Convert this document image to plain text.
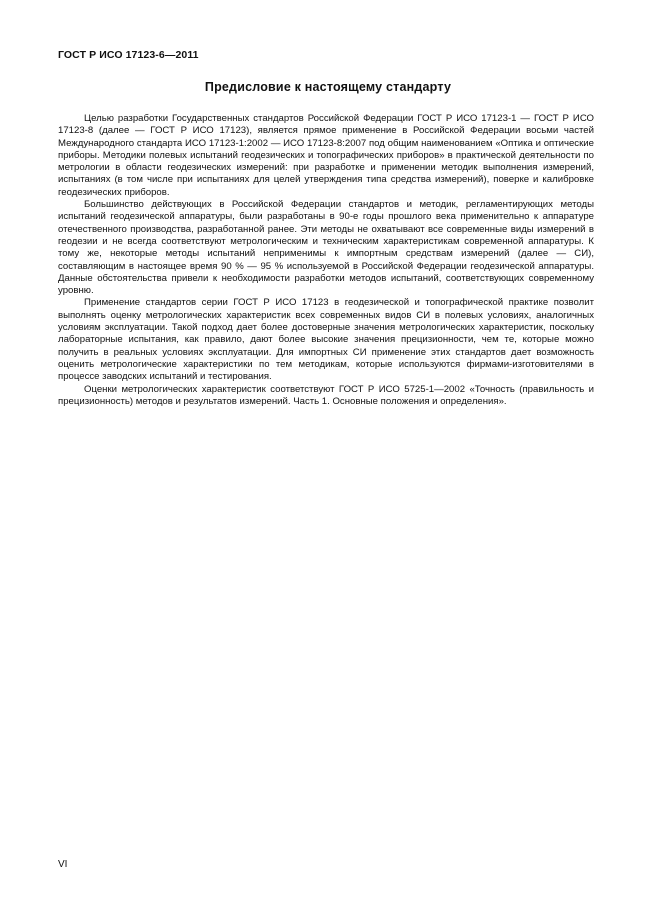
ГОСТ Р ИСО 17123-6—2011
Предисловие к настоящему стандарту

Целью разработки Государственных стандартов Российской Федерации ГОСТ Р ИСО 17123-1 — ГОСТ Р ИСО 17123-8 (далее — ГОСТ Р ИСО 17123), является прямое применение в Российской Федерации восьми частей Международного стандарта ИСО 17123-1:2002 — ИСО 17123-8:2007 под общим наименованием «Оптика и оптические приборы. Методики полевых испытаний геодезических и топографических приборов» в практической деятельности по метрологии в области геодезических измерений: при разработке и применении методик выполнения измерений, испытаниях (в том числе при испытаниях для целей утверждения типа средства измерений), поверке и калибровке геодезических приборов.

Большинство действующих в Российской Федерации стандартов и методик, регламентирующих методы испытаний геодезической аппаратуры, были разработаны в 90-е годы прошлого века применительно к аппаратуре отечественного производства, разработанной ранее. Эти методы не охватывают все современные виды измерений в геодезии и не всегда соответствуют метрологическим и техническим характеристикам современной аппаратуры. К тому же, некоторые методы испытаний неприменимы к импортным средствам измерений (далее — СИ), составляющим в настоящее время 90 % — 95 % используемой в Российской Федерации геодезической аппаратуры. Данные обстоятельства привели к необходимости разработки методов испытаний, соответствующих современному уровню.

Применение стандартов серии ГОСТ Р ИСО 17123 в геодезической и топографической практике позволит выполнять оценку метрологических характеристик всех современных видов СИ в полевых условиях, аналогичных условиям эксплуатации. Такой подход дает более достоверные значения метрологических характеристик, поскольку лабораторные испытания, как правило, дают более высокие значения прецизионности, чем те, которые можно получить в реальных условиях эксплуатации. Для импортных СИ применение этих стандартов дает возможность оценить метрологические характеристики по тем методикам, которые используются фирмами-изготовителями в процессе заводских испытаний и тестирования.

Оценки метрологических характеристик соответствуют ГОСТ Р ИСО 5725-1—2002 «Точность (правильность и прецизионность) методов и результатов измерений. Часть 1. Основные положения и определения».

VI
